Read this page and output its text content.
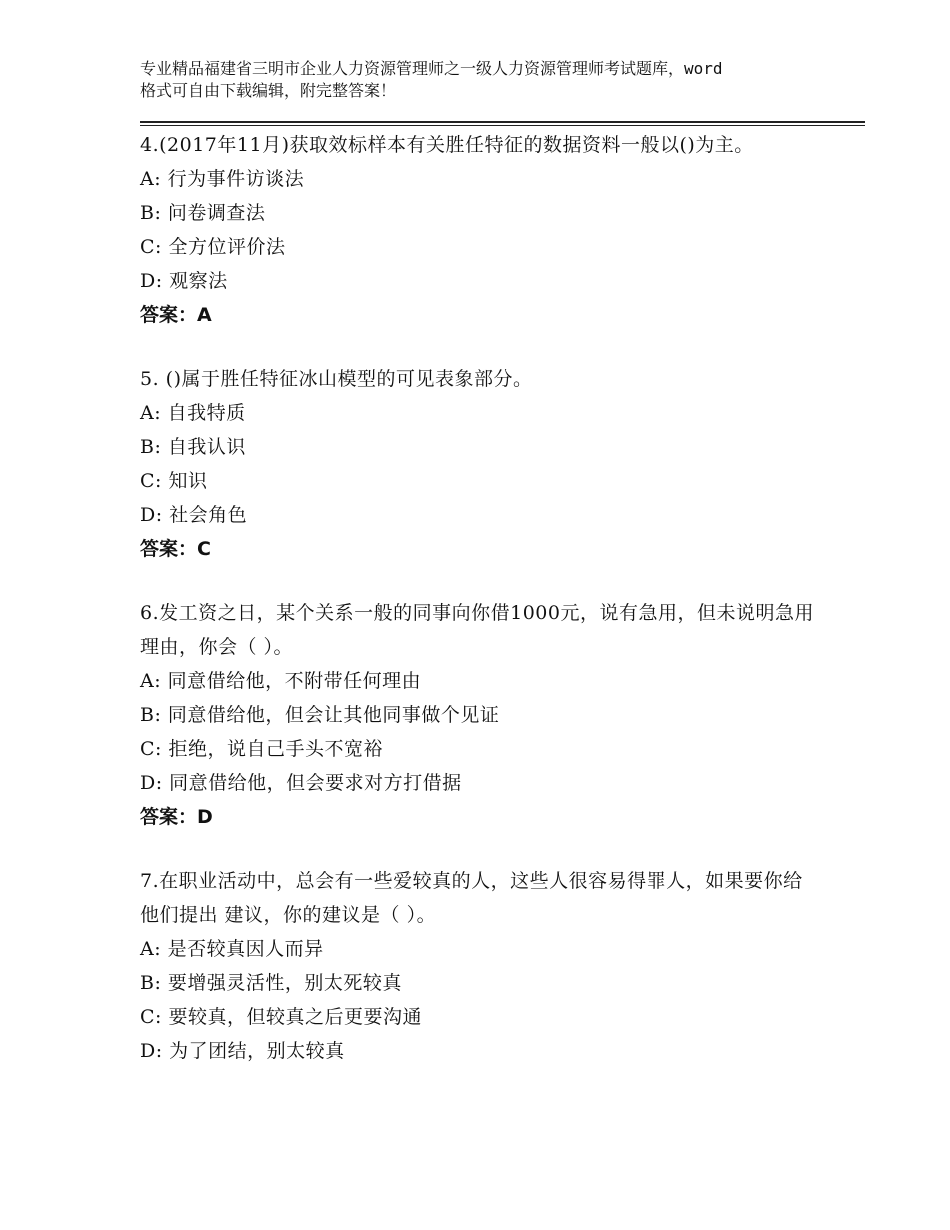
专业精品福建省三明市企业人力资源管理师之一级人力资源管理师考试题库，word
格式可自由下载编辑，附完整答案！
4.(2017年11月)获取效标样本有关胜任特征的数据资料一般以()为主。
A: 行为事件访谈法
B: 问卷调查法
C: 全方位评价法
D: 观察法
答案：A
5. ()属于胜任特征冰山模型的可见表象部分。
A: 自我特质
B: 自我认识
C: 知识
D: 社会角色
答案：C
6.发工资之日，某个关系一般的同事向你借1000元，说有急用，但未说明急用理由，你会（ ）。
A: 同意借给他，不附带任何理由
B: 同意借给他，但会让其他同事做个见证
C: 拒绝，说自己手头不宽裕
D: 同意借给他，但会要求对方打借据
答案：D
7.在职业活动中，总会有一些爱较真的人，这些人很容易得罪人，如果要你给他们提出 建议，你的建议是（ ）。
A: 是否较真因人而异
B: 要增强灵活性，别太死较真
C: 要较真，但较真之后更要沟通
D: 为了团结，别太较真
